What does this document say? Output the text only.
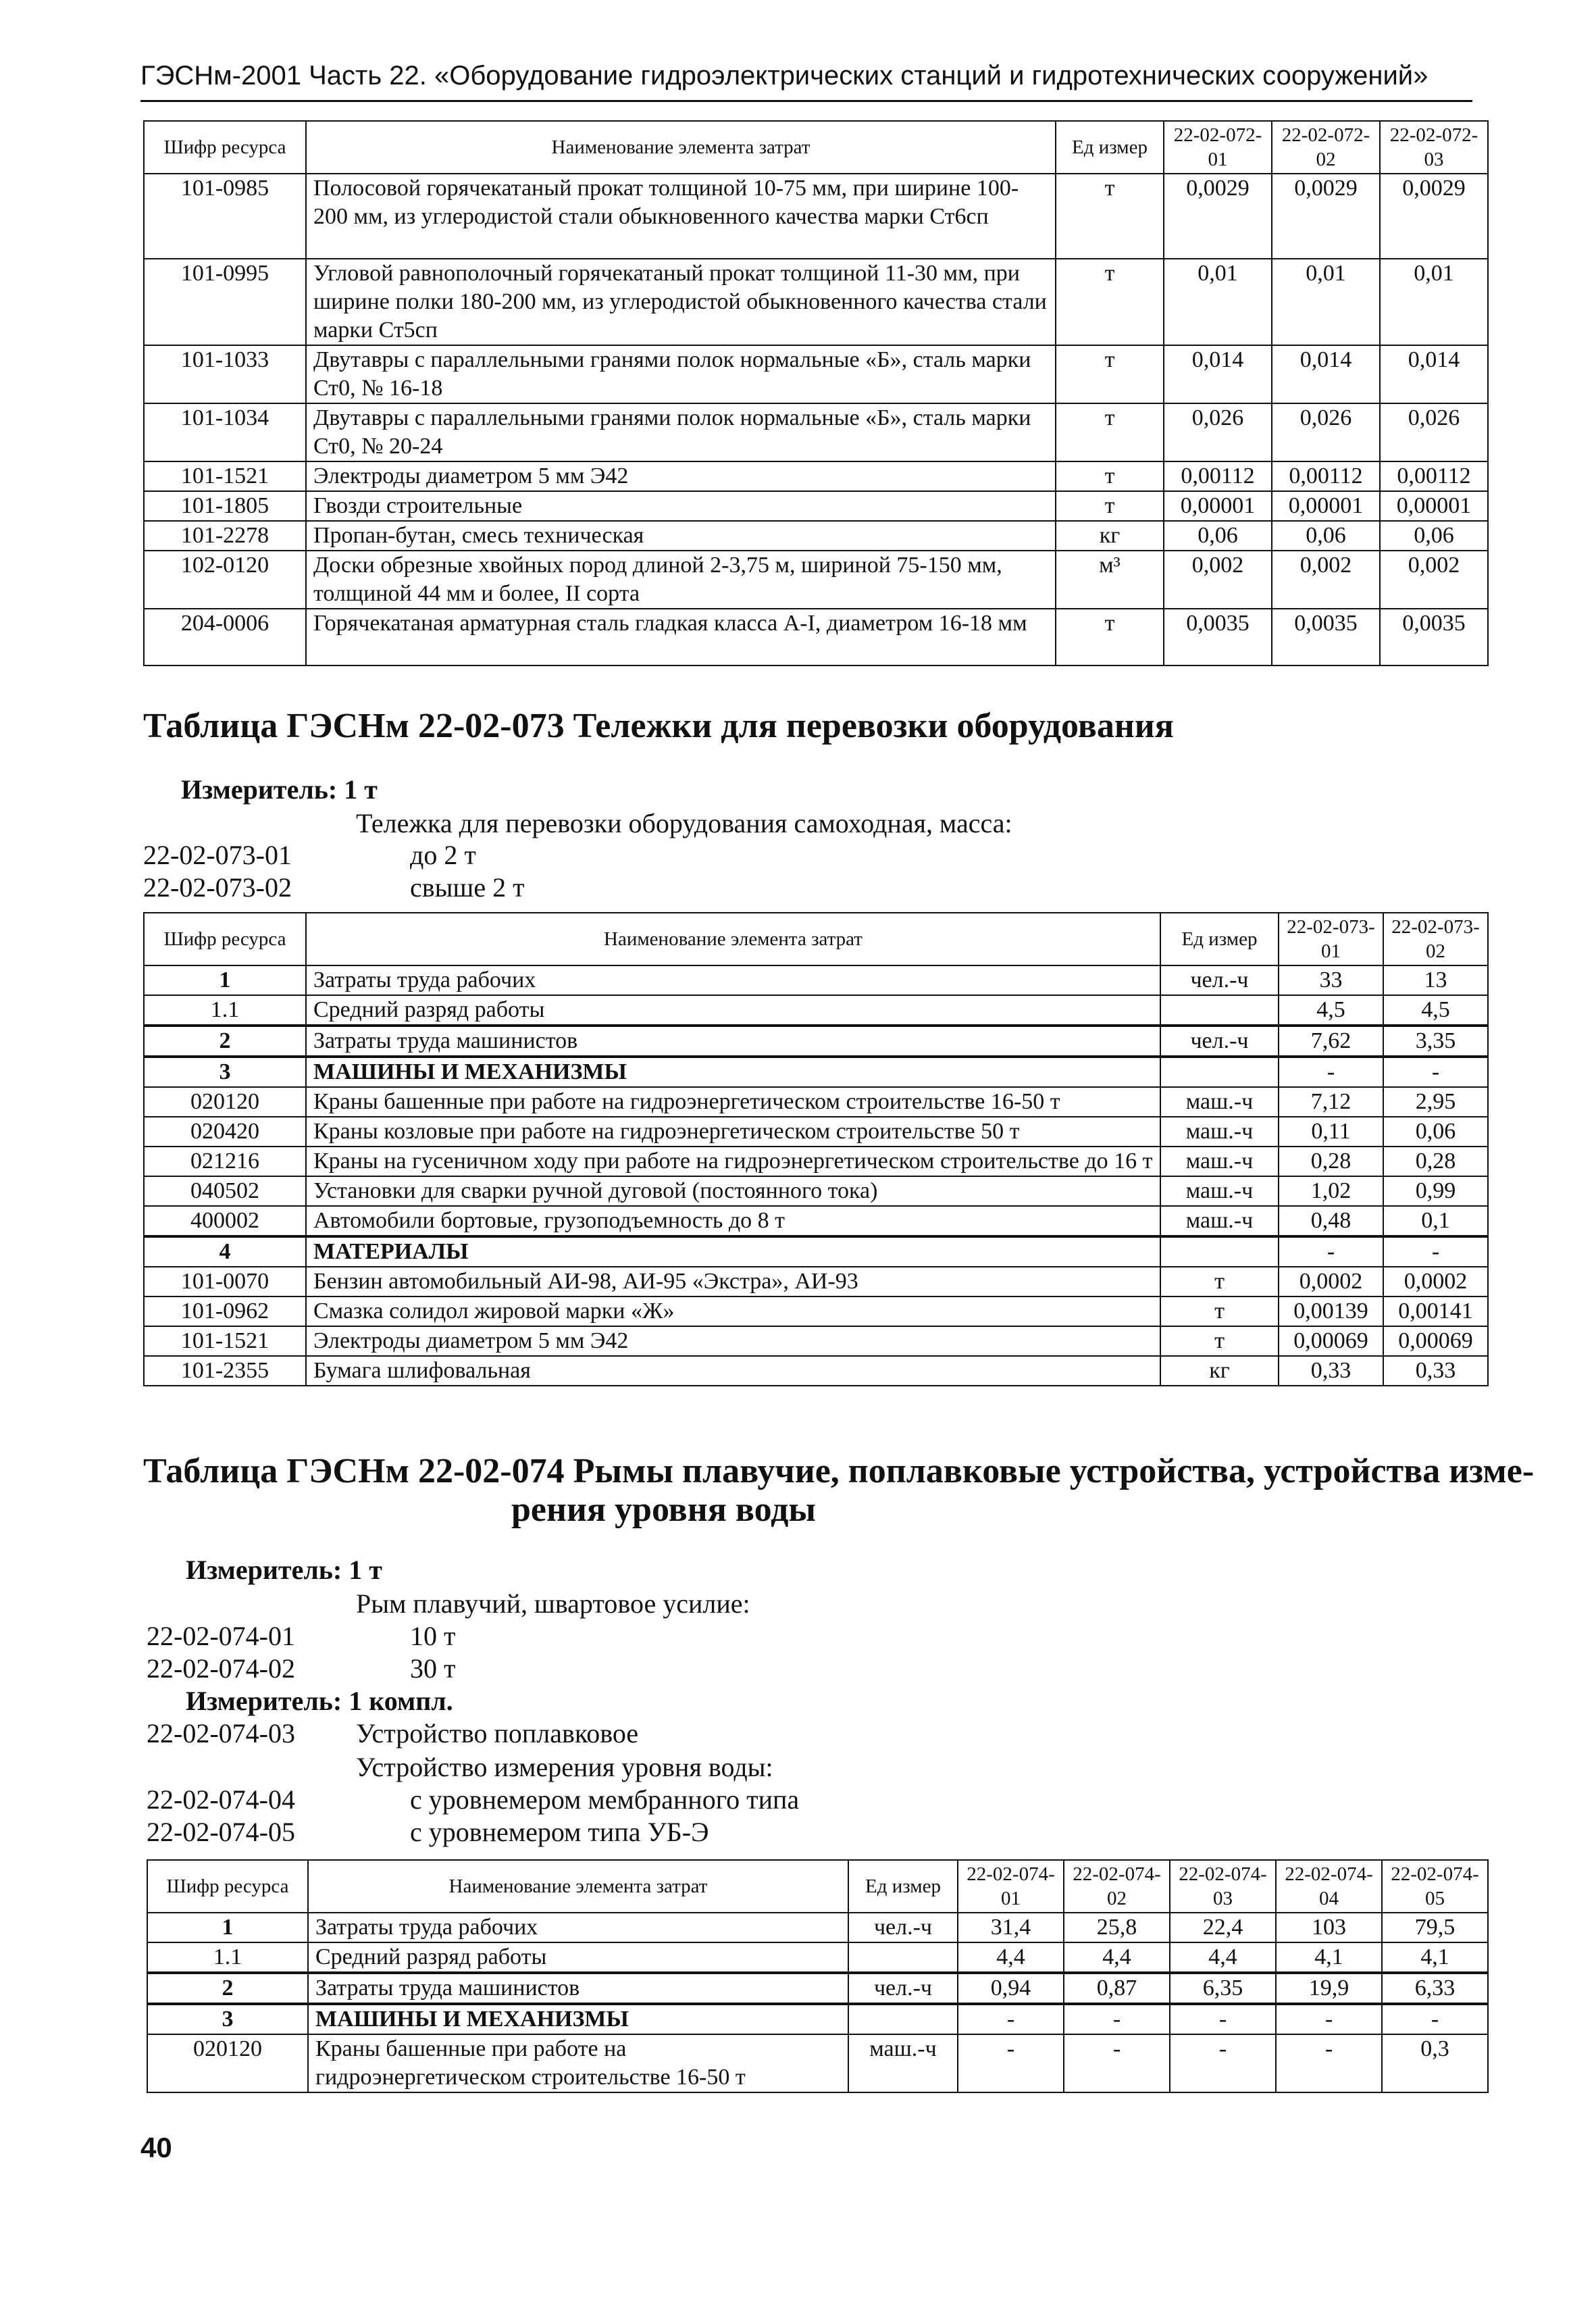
ГЭСНм-2001 Часть 22. «Оборудование гидроэлектрических станций и гидротехнических сооружений»
Шифр ресурса	Наименование элемента затрат	Ед измер	22-02-072-01	22-02-072-02	22-02-072-03
101-0985	Полосовой горячекатаный прокат толщиной 10-75 мм, при ширине 100-200 мм, из углеродистой стали обыкновенного качества марки Ст6сп	т	0,0029	0,0029	0,0029
101-0995	Угловой равнополочный горячекатаный прокат толщиной 11-30 мм, при ширине полки 180-200 мм, из углеродистой обыкновенного качества стали марки Ст5сп	т	0,01	0,01	0,01
101-1033	Двутавры с параллельными гранями полок нормальные «Б», сталь марки Ст0, № 16-18	т	0,014	0,014	0,014
101-1034	Двутавры с параллельными гранями полок нормальные «Б», сталь марки Ст0, № 20-24	т	0,026	0,026	0,026
101-1521	Электроды диаметром 5 мм Э42	т	0,00112	0,00112	0,00112
101-1805	Гвозди строительные	т	0,00001	0,00001	0,00001
101-2278	Пропан-бутан, смесь техническая	кг	0,06	0,06	0,06
102-0120	Доски обрезные хвойных пород длиной 2-3,75 м, шириной 75-150 мм, толщиной 44 мм и более, II сорта	м³	0,002	0,002	0,002
204-0006	Горячекатаная арматурная сталь гладкая класса А-I, диаметром 16-18 мм	т	0,0035	0,0035	0,0035
Таблица ГЭСНм 22-02-073 Тележки для перевозки оборудования
Измеритель: 1 т
Тележка для перевозки оборудования самоходная, масса:
22-02-073-01	до 2 т
22-02-073-02	свыше 2 т
Шифр ресурса	Наименование элемента затрат	Ед измер	22-02-073-01	22-02-073-02
1	Затраты труда рабочих	чел.-ч	33	13
1.1	Средний разряд работы		4,5	4,5
2	Затраты труда машинистов	чел.-ч	7,62	3,35
3	МАШИНЫ И МЕХАНИЗМЫ		-	-
020120	Краны башенные при работе на гидроэнергетическом строительстве 16-50 т	маш.-ч	7,12	2,95
020420	Краны козловые при работе на гидроэнергетическом строительстве 50 т	маш.-ч	0,11	0,06
021216	Краны на гусеничном ходу при работе на гидроэнергетическом строительстве до 16 т	маш.-ч	0,28	0,28
040502	Установки для сварки ручной дуговой (постоянного тока)	маш.-ч	1,02	0,99
400002	Автомобили бортовые, грузоподъемность до 8 т	маш.-ч	0,48	0,1
4	МАТЕРИАЛЫ		-	-
101-0070	Бензин автомобильный АИ-98, АИ-95 «Экстра», АИ-93	т	0,0002	0,0002
101-0962	Смазка солидол жировой марки «Ж»	т	0,00139	0,00141
101-1521	Электроды диаметром 5 мм Э42	т	0,00069	0,00069
101-2355	Бумага шлифовальная	кг	0,33	0,33
Таблица ГЭСНм 22-02-074 Рымы плавучие, поплавковые устройства, устройства изме-
рения уровня воды
Измеритель: 1 т
Рым плавучий, швартовое усилие:
22-02-074-01	10 т
22-02-074-02	30 т
Измеритель: 1 компл.
22-02-074-03 Устройство поплавковое
Устройство измерения уровня воды:
22-02-074-04	с уровнемером мембранного типа
22-02-074-05	с уровнемером типа УБ-Э
Шифр ресурса	Наименование элемента затрат	Ед измер	22-02-074-01	22-02-074-02	22-02-074-03	22-02-074-04	22-02-074-05
1	Затраты труда рабочих	чел.-ч	31,4	25,8	22,4	103	79,5
1.1	Средний разряд работы		4,4	4,4	4,4	4,1	4,1
2	Затраты труда машинистов	чел.-ч	0,94	0,87	6,35	19,9	6,33
3	МАШИНЫ И МЕХАНИЗМЫ		-	-	-	-	-
020120	Краны башенные при работе на гидроэнергетическом строительстве 16-50 т	маш.-ч	-	-	-	-	0,3
40
